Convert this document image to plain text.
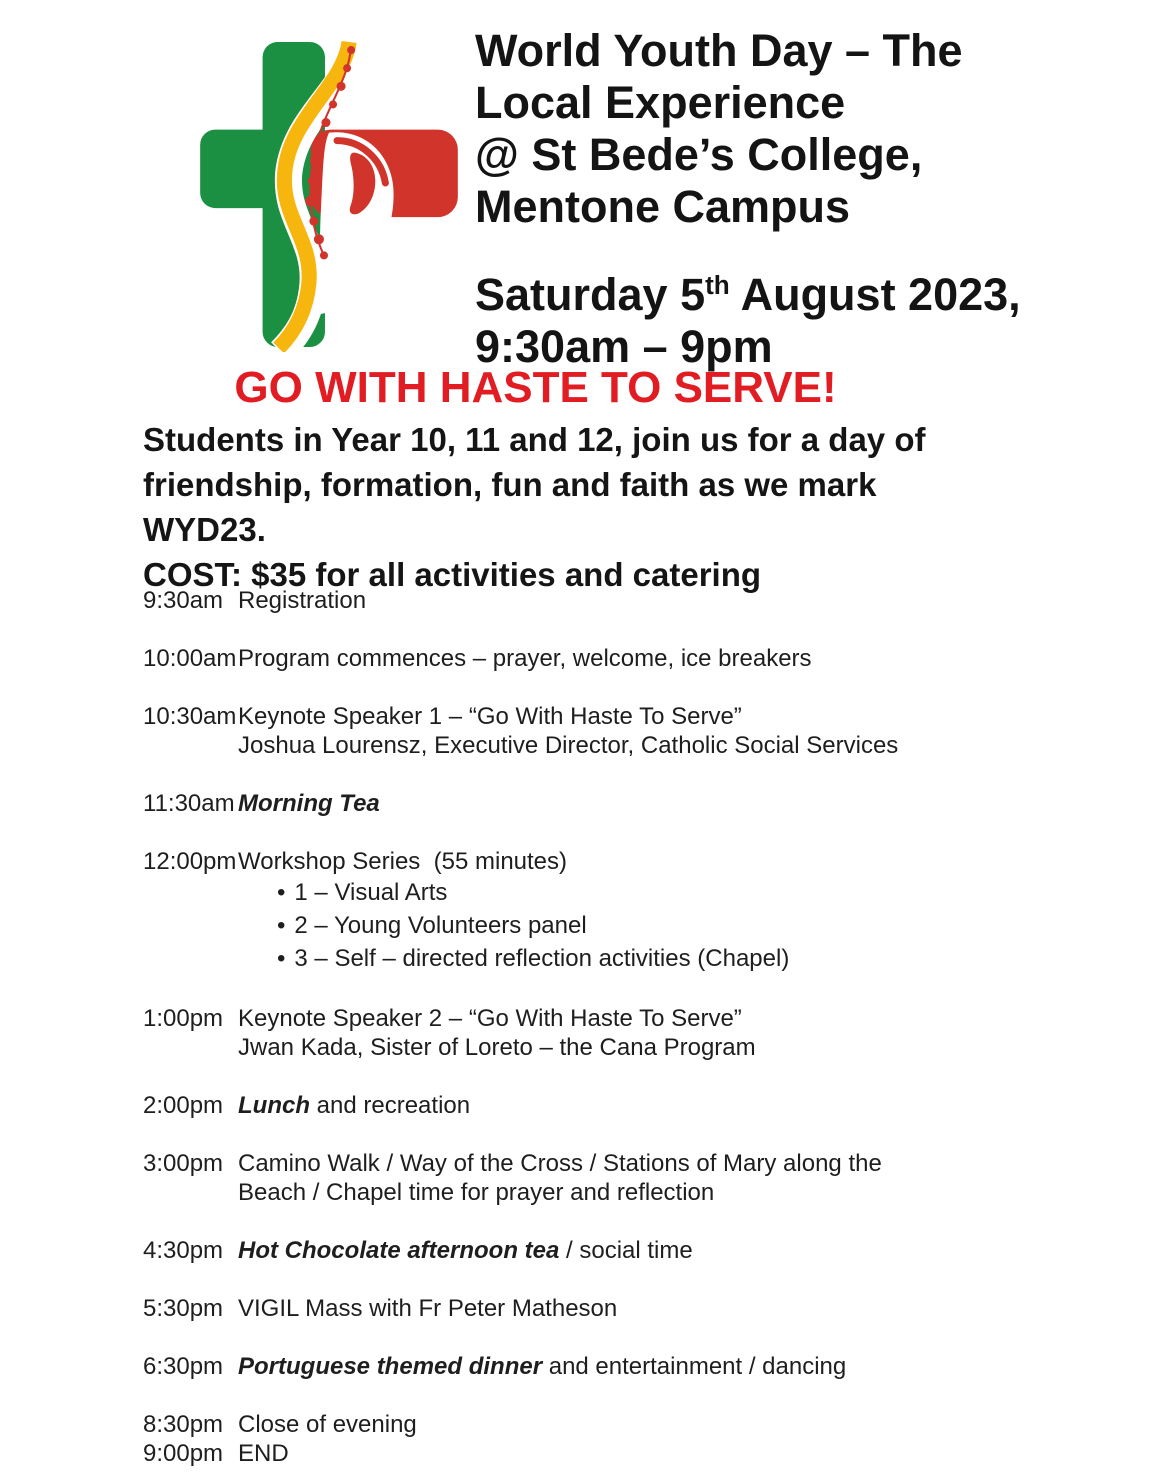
World Youth Day – The
Local Experience
@ St Bede’s College,
Mentone Campus
Saturday 5th August 2023,
9:30am – 9pm
GO WITH HASTE TO SERVE!
Students in Year 10, 11 and 12, join us for a day of
friendship, formation, fun and faith as we mark
WYD23.
COST: $35 for all activities and catering
9:30am Registration
10:00am Program commences – prayer, welcome, ice breakers
10:30am Keynote Speaker 1 – “Go With Haste To Serve”
Joshua Lourensz, Executive Director, Catholic Social Services
11:30am Morning Tea
12:00pm Workshop Series  (55 minutes)
• 1 – Visual Arts
• 2 – Young Volunteers panel
• 3 – Self – directed reflection activities (Chapel)
1:00pm Keynote Speaker 2 – “Go With Haste To Serve”
Jwan Kada, Sister of Loreto – the Cana Program
2:00pm Lunch and recreation
3:00pm Camino Walk / Way of the Cross / Stations of Mary along the
Beach / Chapel time for prayer and reflection
4:30pm Hot Chocolate afternoon tea / social time
5:30pm VIGIL Mass with Fr Peter Matheson
6:30pm Portuguese themed dinner and entertainment / dancing
8:30pm Close of evening
9:00pm END
